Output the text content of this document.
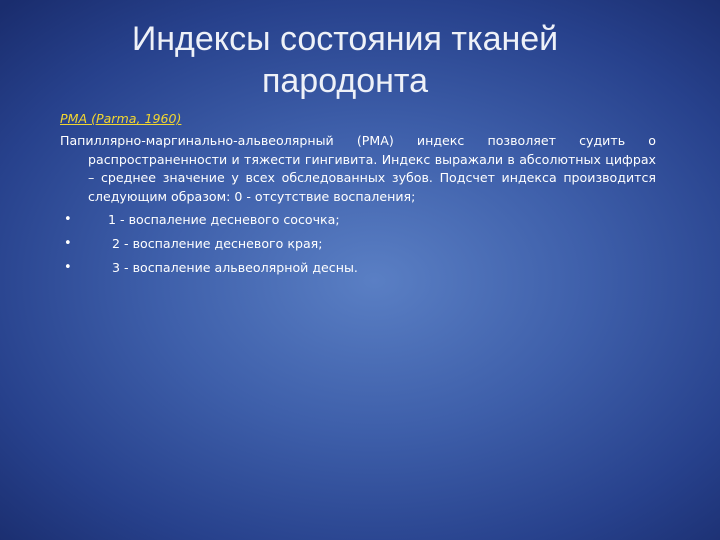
Индексы состояния тканей
пародонта
PMA (Parma, 1960)

Папиллярно-маргинально-альвеолярный (PMA) индекс позволяет судить о распространенности и тяжести гингивита. Индекс выражали в абсолютных цифрах – среднее значение у всех обследованных зубов. Подсчет индекса производится следующим образом: 0 - отсутствие воспаления;

•	1 - воспаление десневого сосочка;
•	2 - воспаление десневого края;
•	3 - воспаление альвеолярной десны.
